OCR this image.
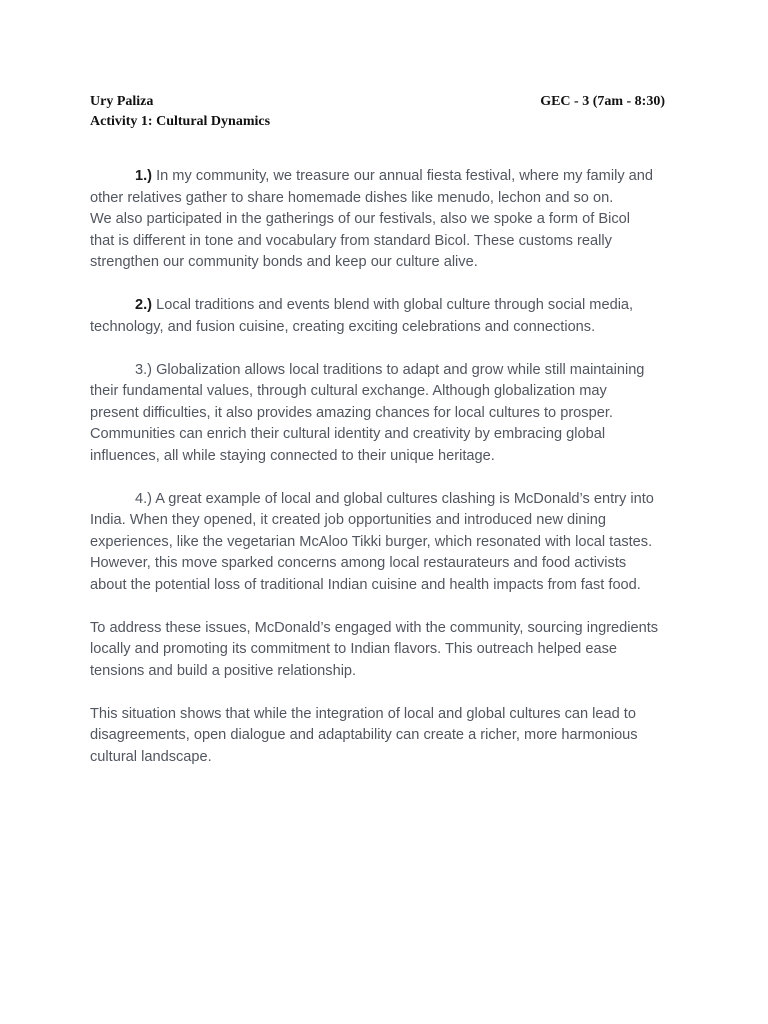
Ury Paliza	GEC - 3 (7am - 8:30)
Activity 1: Cultural Dynamics

1.) In my community, we treasure our annual fiesta festival, where my family and
other relatives gather to share homemade dishes like menudo, lechon and so on.
We also participated in the gatherings of our festivals, also we spoke a form of Bicol
that is different in tone and vocabulary from standard Bicol. These customs really
strengthen our community bonds and keep our culture alive.

2.) Local traditions and events blend with global culture through social media,
technology, and fusion cuisine, creating exciting celebrations and connections.

3.) Globalization allows local traditions to adapt and grow while still maintaining
their fundamental values, through cultural exchange. Although globalization may
present difficulties, it also provides amazing chances for local cultures to prosper.
Communities can enrich their cultural identity and creativity by embracing global
influences, all while staying connected to their unique heritage.

4.) A great example of local and global cultures clashing is McDonald’s entry into
India. When they opened, it created job opportunities and introduced new dining
experiences, like the vegetarian McAloo Tikki burger, which resonated with local tastes.
However, this move sparked concerns among local restaurateurs and food activists
about the potential loss of traditional Indian cuisine and health impacts from fast food.

To address these issues, McDonald’s engaged with the community, sourcing ingredients
locally and promoting its commitment to Indian flavors. This outreach helped ease
tensions and build a positive relationship.

This situation shows that while the integration of local and global cultures can lead to
disagreements, open dialogue and adaptability can create a richer, more harmonious
cultural landscape.
